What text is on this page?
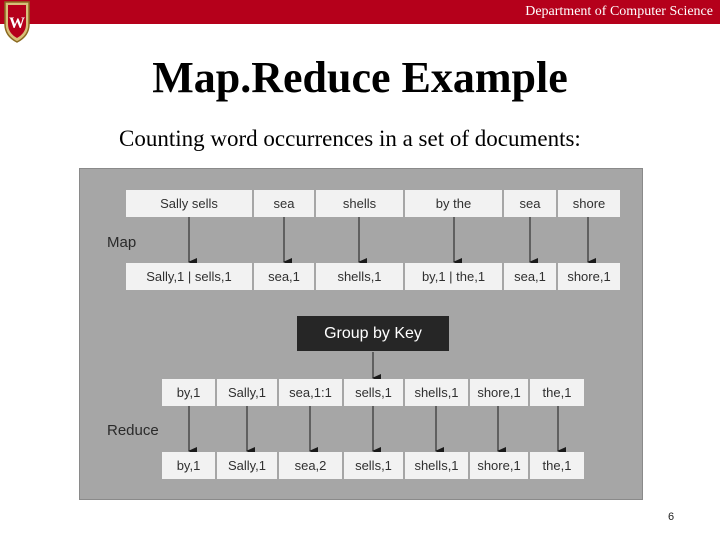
Department of Computer Science
W
Map.Reduce Example
Counting word occurrences in a set of documents:
Sally sells	sea	shells	by the	sea	shore
Map
Sally,1 | sells,1	sea,1	shells,1	by,1 | the,1	sea,1	shore,1
Group by Key
by,1	Sally,1	sea,1:1	sells,1	shells,1	shore,1	the,1
Reduce
by,1	Sally,1	sea,2	sells,1	shells,1	shore,1	the,1
6
